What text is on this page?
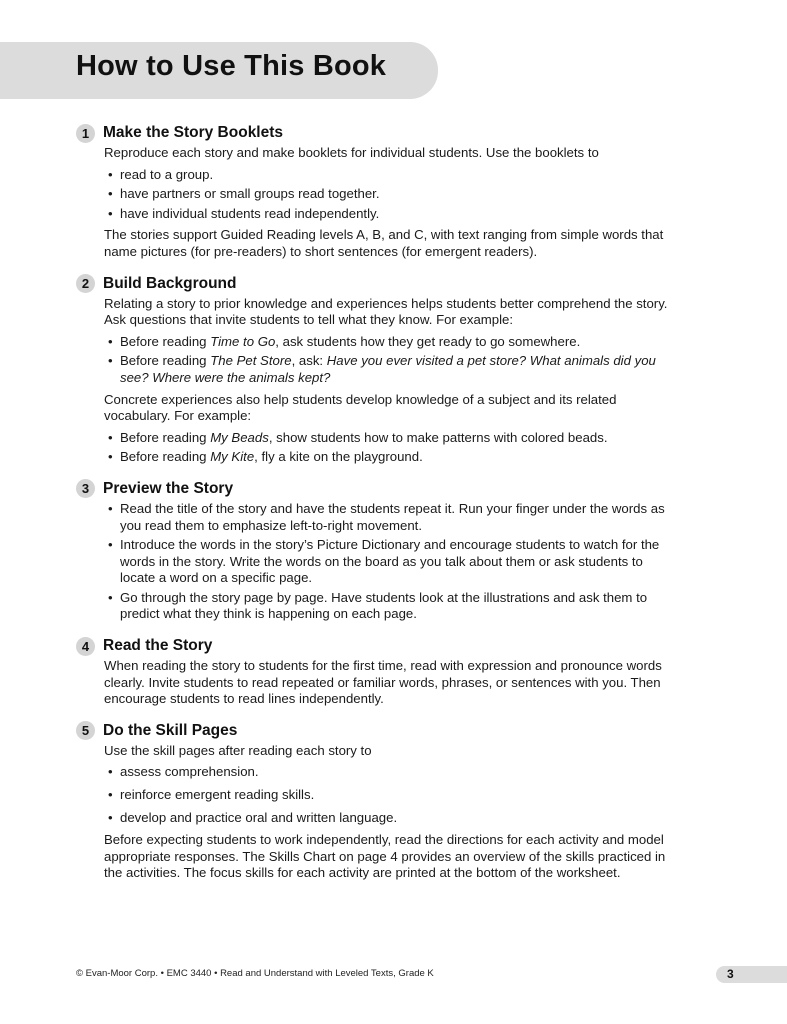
How to Use This Book
1 Make the Story Booklets

Reproduce each story and make booklets for individual students. Use the booklets to

• read to a group.
• have partners or small groups read together.
• have individual students read independently.

The stories support Guided Reading levels A, B, and C, with text ranging from simple words that name pictures (for pre-readers) to short sentences (for emergent readers).

2 Build Background

Relating a story to prior knowledge and experiences helps students better comprehend the story. Ask questions that invite students to tell what they know. For example:

• Before reading Time to Go, ask students how they get ready to go somewhere.
• Before reading The Pet Store, ask: Have you ever visited a pet store? What animals did you see? Where were the animals kept?

Concrete experiences also help students develop knowledge of a subject and its related vocabulary. For example:

• Before reading My Beads, show students how to make patterns with colored beads.
• Before reading My Kite, fly a kite on the playground.
3 Preview the Story
• Read the title of the story and have the students repeat it. Run your finger under the words as you read them to emphasize left-to-right movement.
• Introduce the words in the story’s Picture Dictionary and encourage students to watch for the words in the story. Write the words on the board as you talk about them or ask students to locate a word on a specific page.
• Go through the story page by page. Have students look at the illustrations and ask them to predict what they think is happening on each page.
4 Read the Story

When reading the story to students for the first time, read with expression and pronounce words clearly. Invite students to read repeated or familiar words, phrases, or sentences with you. Then encourage students to read lines independently.

5 Do the Skill Pages

Use the skill pages after reading each story to

• assess comprehension.
• reinforce emergent reading skills.
• develop and practice oral and written language.

Before expecting students to work independently, read the directions for each activity and model appropriate responses. The Skills Chart on page 4 provides an overview of the skills practiced in the activities. The focus skills for each activity are printed at the bottom of the worksheet.

© Evan-Moor Corp. • EMC 3440 • Read and Understand with Leveled Texts, Grade K	3
